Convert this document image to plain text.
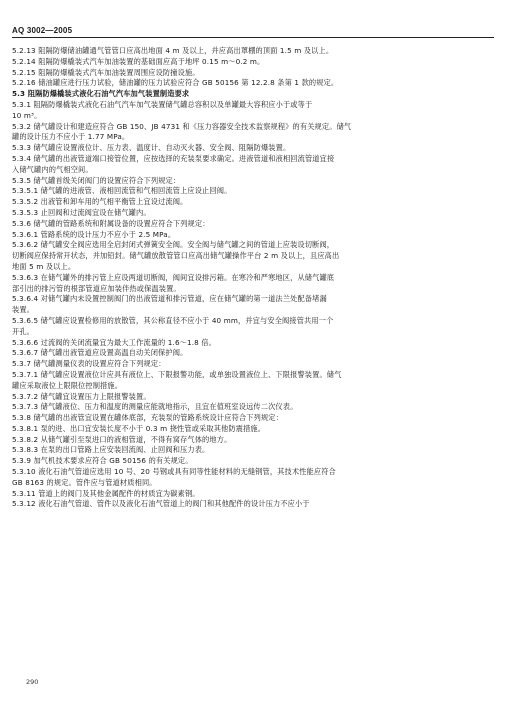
AQ 3002—2005
5.2.13 阻隔防爆储油罐通气管管口应高出地面 4 m 及以上，并应高出罩棚的顶面 1.5 m 及以上。
5.2.14 阻隔防爆橇装式汽车加油装置的基础面应高于地坪 0.15 m～0.2 m。
5.2.15 阻隔防爆橇装式汽车加油装置周围应设防撞设施。
5.2.16 储油罐应进行压力试验，储油罐的压力试验应符合 GB 50156 第 12.2.8 条第 1 款的规定。
5.3 阻隔防爆橇装式液化石油气汽车加气装置制造要求
5.3.1 阻隔防爆橇装式液化石油气汽车加气装置储气罐总容积以及单罐最大容积应小于或等于
10 m³。
5.3.2 储气罐设计和建造应符合 GB 150、JB 4731 和《压力容器安全技术监察规程》的有关规定。储气
罐的设计压力不应小于 1.77 MPa。
5.3.3 储气罐应设置液位计、压力表、温度计、自动灭火器、安全阀、阻隔防爆装置。
5.3.4 储气罐的出液管道端口接管位置，应按选择的充装泵要求确定。进液管道和液相回流管道宜接
入储气罐内的气相空间。
5.3.5 储气罐首级关闭阀门的设置应符合下列规定：
5.3.5.1 储气罐的进液管、液相回流管和气相回流管上应设止回阀。
5.3.5.2 出液管和卸车用的气相平衡管上宜设过流阀。
5.3.5.3 止回阀和过流阀宜设在储气罐内。
5.3.6 储气罐的管路系统和附属设备的设置应符合下列规定：
5.3.6.1 管路系统的设计压力不应小于 2.5 MPa。
5.3.6.2 储气罐安全阀应选用全启封闭式弹簧安全阀。安全阀与储气罐之间的管道上应装设切断阀，
切断阀应保持常开状态，并加铅封。储气罐放散管管口应高出储气罐操作平台 2 m 及以上，且应高出
地面 5 m 及以上。
5.3.6.3 在储气罐外的排污管上应设两道切断阀，阀间宜设排污箱。在寒冷和严寒地区，从储气罐底
部引出的排污管的根部管道应加装伴热或保温装置。
5.3.6.4 对储气罐内未设置控制阀门的出液管道和排污管道，应在储气罐的第一道法兰处配备堵漏
装置。
5.3.6.5 储气罐应设置检修用的放散管，其公称直径不应小于 40 mm，并宜与安全阀接管共用一个
开孔。
5.3.6.6 过流阀的关闭流量宜为最大工作流量的 1.6～1.8 倍。
5.3.6.7 储气罐出液管道应设置高温自动关闭保护阀。
5.3.7 储气罐测量仪表的设置应符合下列规定：
5.3.7.1 储气罐应设置液位计应具有液位上、下限报警功能，或单独设置液位上、下限报警装置。储气
罐应采取液位上限限位控制措施。
5.3.7.2 储气罐宜设置压力上限报警装置。
5.3.7.3 储气罐液位、压力和温度的测量应能就地指示，且宜在值班室设远传二次仪表。
5.3.8 储气罐的出液管宜设置在罐体底部，充装泵的管路系统设计应符合下列规定：
5.3.8.1 泵的进、出口宜安装长度不小于 0.3 m 挠性管或采取其他防震措施。
5.3.8.2 从储气罐引至泵进口的液相管道，不得有窝存气体的地方。
5.3.8.3 在泵的出口管路上应安装回流阀、止回阀和压力表。
5.3.9 加气机技术要求应符合 GB 50156 的有关规定。
5.3.10 液化石油气管道应选用 10 号、20 号钢或具有同等性能材料的无缝钢管，其技术性能应符合
GB 8163 的规定。管件应与管道材质相同。
5.3.11 管道上的阀门及其他金属配件的材质宜为碳素钢。
5.3.12 液化石油气管道、管件以及液化石油气管道上的阀门和其他配件的设计压力不应小于
290
